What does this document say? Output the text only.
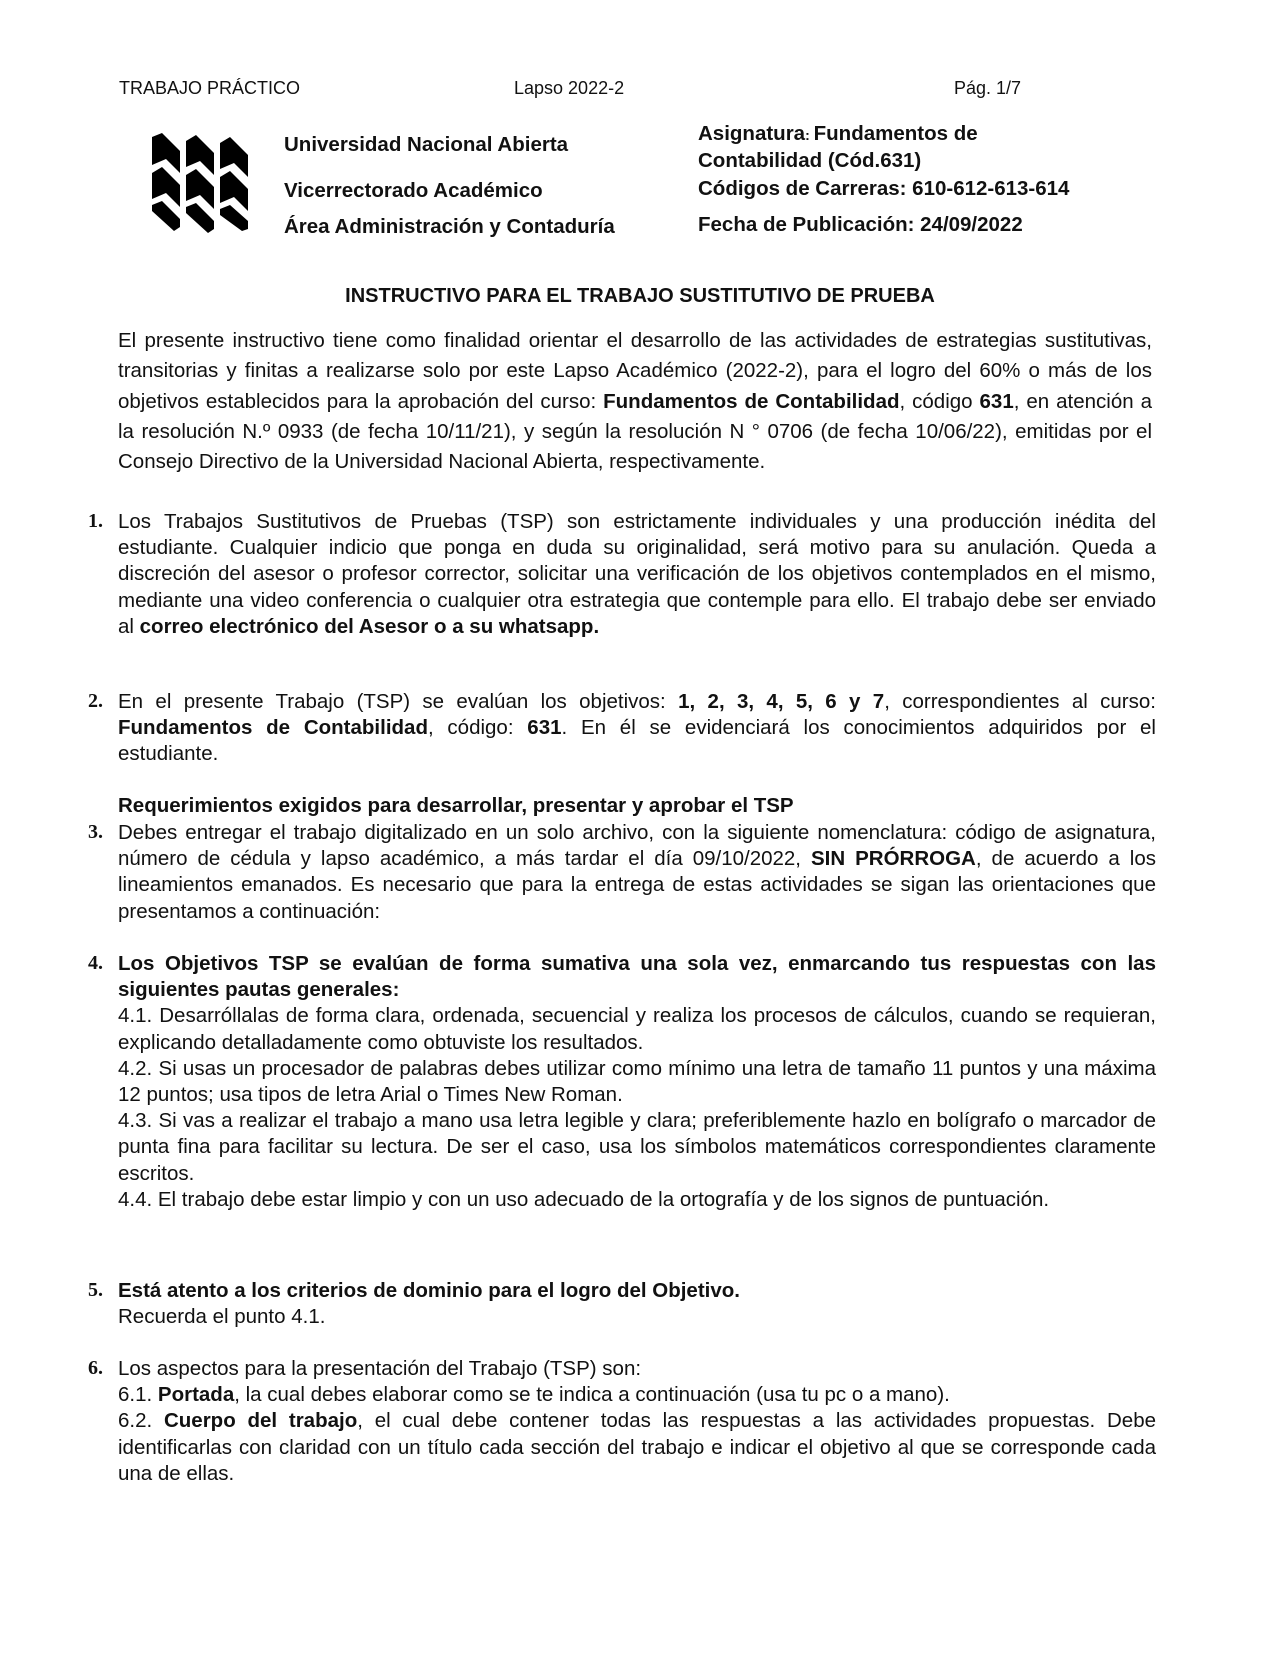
TRABAJO PRÁCTICO	Lapso 2022-2	Pág. 1/7
Universidad Nacional Abierta
Vicerrectorado Académico
Área Administración y Contaduría
Asignatura: Fundamentos de
Contabilidad (Cód.631)
Códigos de Carreras: 610-612-613-614
Fecha de Publicación: 24/09/2022
INSTRUCTIVO PARA EL TRABAJO SUSTITUTIVO DE PRUEBA

El presente instructivo tiene como finalidad orientar el desarrollo de las actividades de estrategias sustitutivas, transitorias y finitas a realizarse solo por este Lapso Académico (2022-2), para el logro del 60% o más de los objetivos establecidos para la aprobación del curso: Fundamentos de Contabilidad, código 631, en atención a la resolución N.º 0933 (de fecha 10/11/21), y según la resolución N ° 0706 (de fecha 10/06/22), emitidas por el Consejo Directivo de la Universidad Nacional Abierta, respectivamente.

1. Los Trabajos Sustitutivos de Pruebas (TSP) son estrictamente individuales y una producción inédita del estudiante. Cualquier indicio que ponga en duda su originalidad, será motivo para su anulación. Queda a discreción del asesor o profesor corrector, solicitar una verificación de los objetivos contemplados en el mismo, mediante una video conferencia o cualquier otra estrategia que contemple para ello. El trabajo debe ser enviado al correo electrónico del Asesor o a su whatsapp.

2. En el presente Trabajo (TSP) se evalúan los objetivos: 1, 2, 3, 4, 5, 6 y 7, correspondientes al curso: Fundamentos de Contabilidad, código: 631. En él se evidenciará los conocimientos adquiridos por el estudiante.

Requerimientos exigidos para desarrollar, presentar y aprobar el TSP
3. Debes entregar el trabajo digitalizado en un solo archivo, con la siguiente nomenclatura: código de asignatura, número de cédula y lapso académico, a más tardar el día 09/10/2022, SIN PRÓRROGA, de acuerdo a los lineamientos emanados. Es necesario que para la entrega de estas actividades se sigan las orientaciones que presentamos a continuación:

4. Los Objetivos TSP se evalúan de forma sumativa una sola vez, enmarcando tus respuestas con las siguientes pautas generales:

4.1. Desarróllalas de forma clara, ordenada, secuencial y realiza los procesos de cálculos, cuando se requieran, explicando detalladamente como obtuviste los resultados.

4.2. Si usas un procesador de palabras debes utilizar como mínimo una letra de tamaño 11 puntos y una máxima 12 puntos; usa tipos de letra Arial o Times New Roman.

4.3. Si vas a realizar el trabajo a mano usa letra legible y clara; preferiblemente hazlo en bolígrafo o marcador de punta fina para facilitar su lectura. De ser el caso, usa los símbolos matemáticos correspondientes claramente escritos.

4.4. El trabajo debe estar limpio y con un uso adecuado de la ortografía y de los signos de puntuación.

5. Está atento a los criterios de dominio para el logro del Objetivo.

Recuerda el punto 4.1.

6. Los aspectos para la presentación del Trabajo (TSP) son:

6.1. Portada, la cual debes elaborar como se te indica a continuación (usa tu pc o a mano).

6.2. Cuerpo del trabajo, el cual debe contener todas las respuestas a las actividades propuestas. Debe identificarlas con claridad con un título cada sección del trabajo e indicar el objetivo al que se corresponde cada una de ellas.
